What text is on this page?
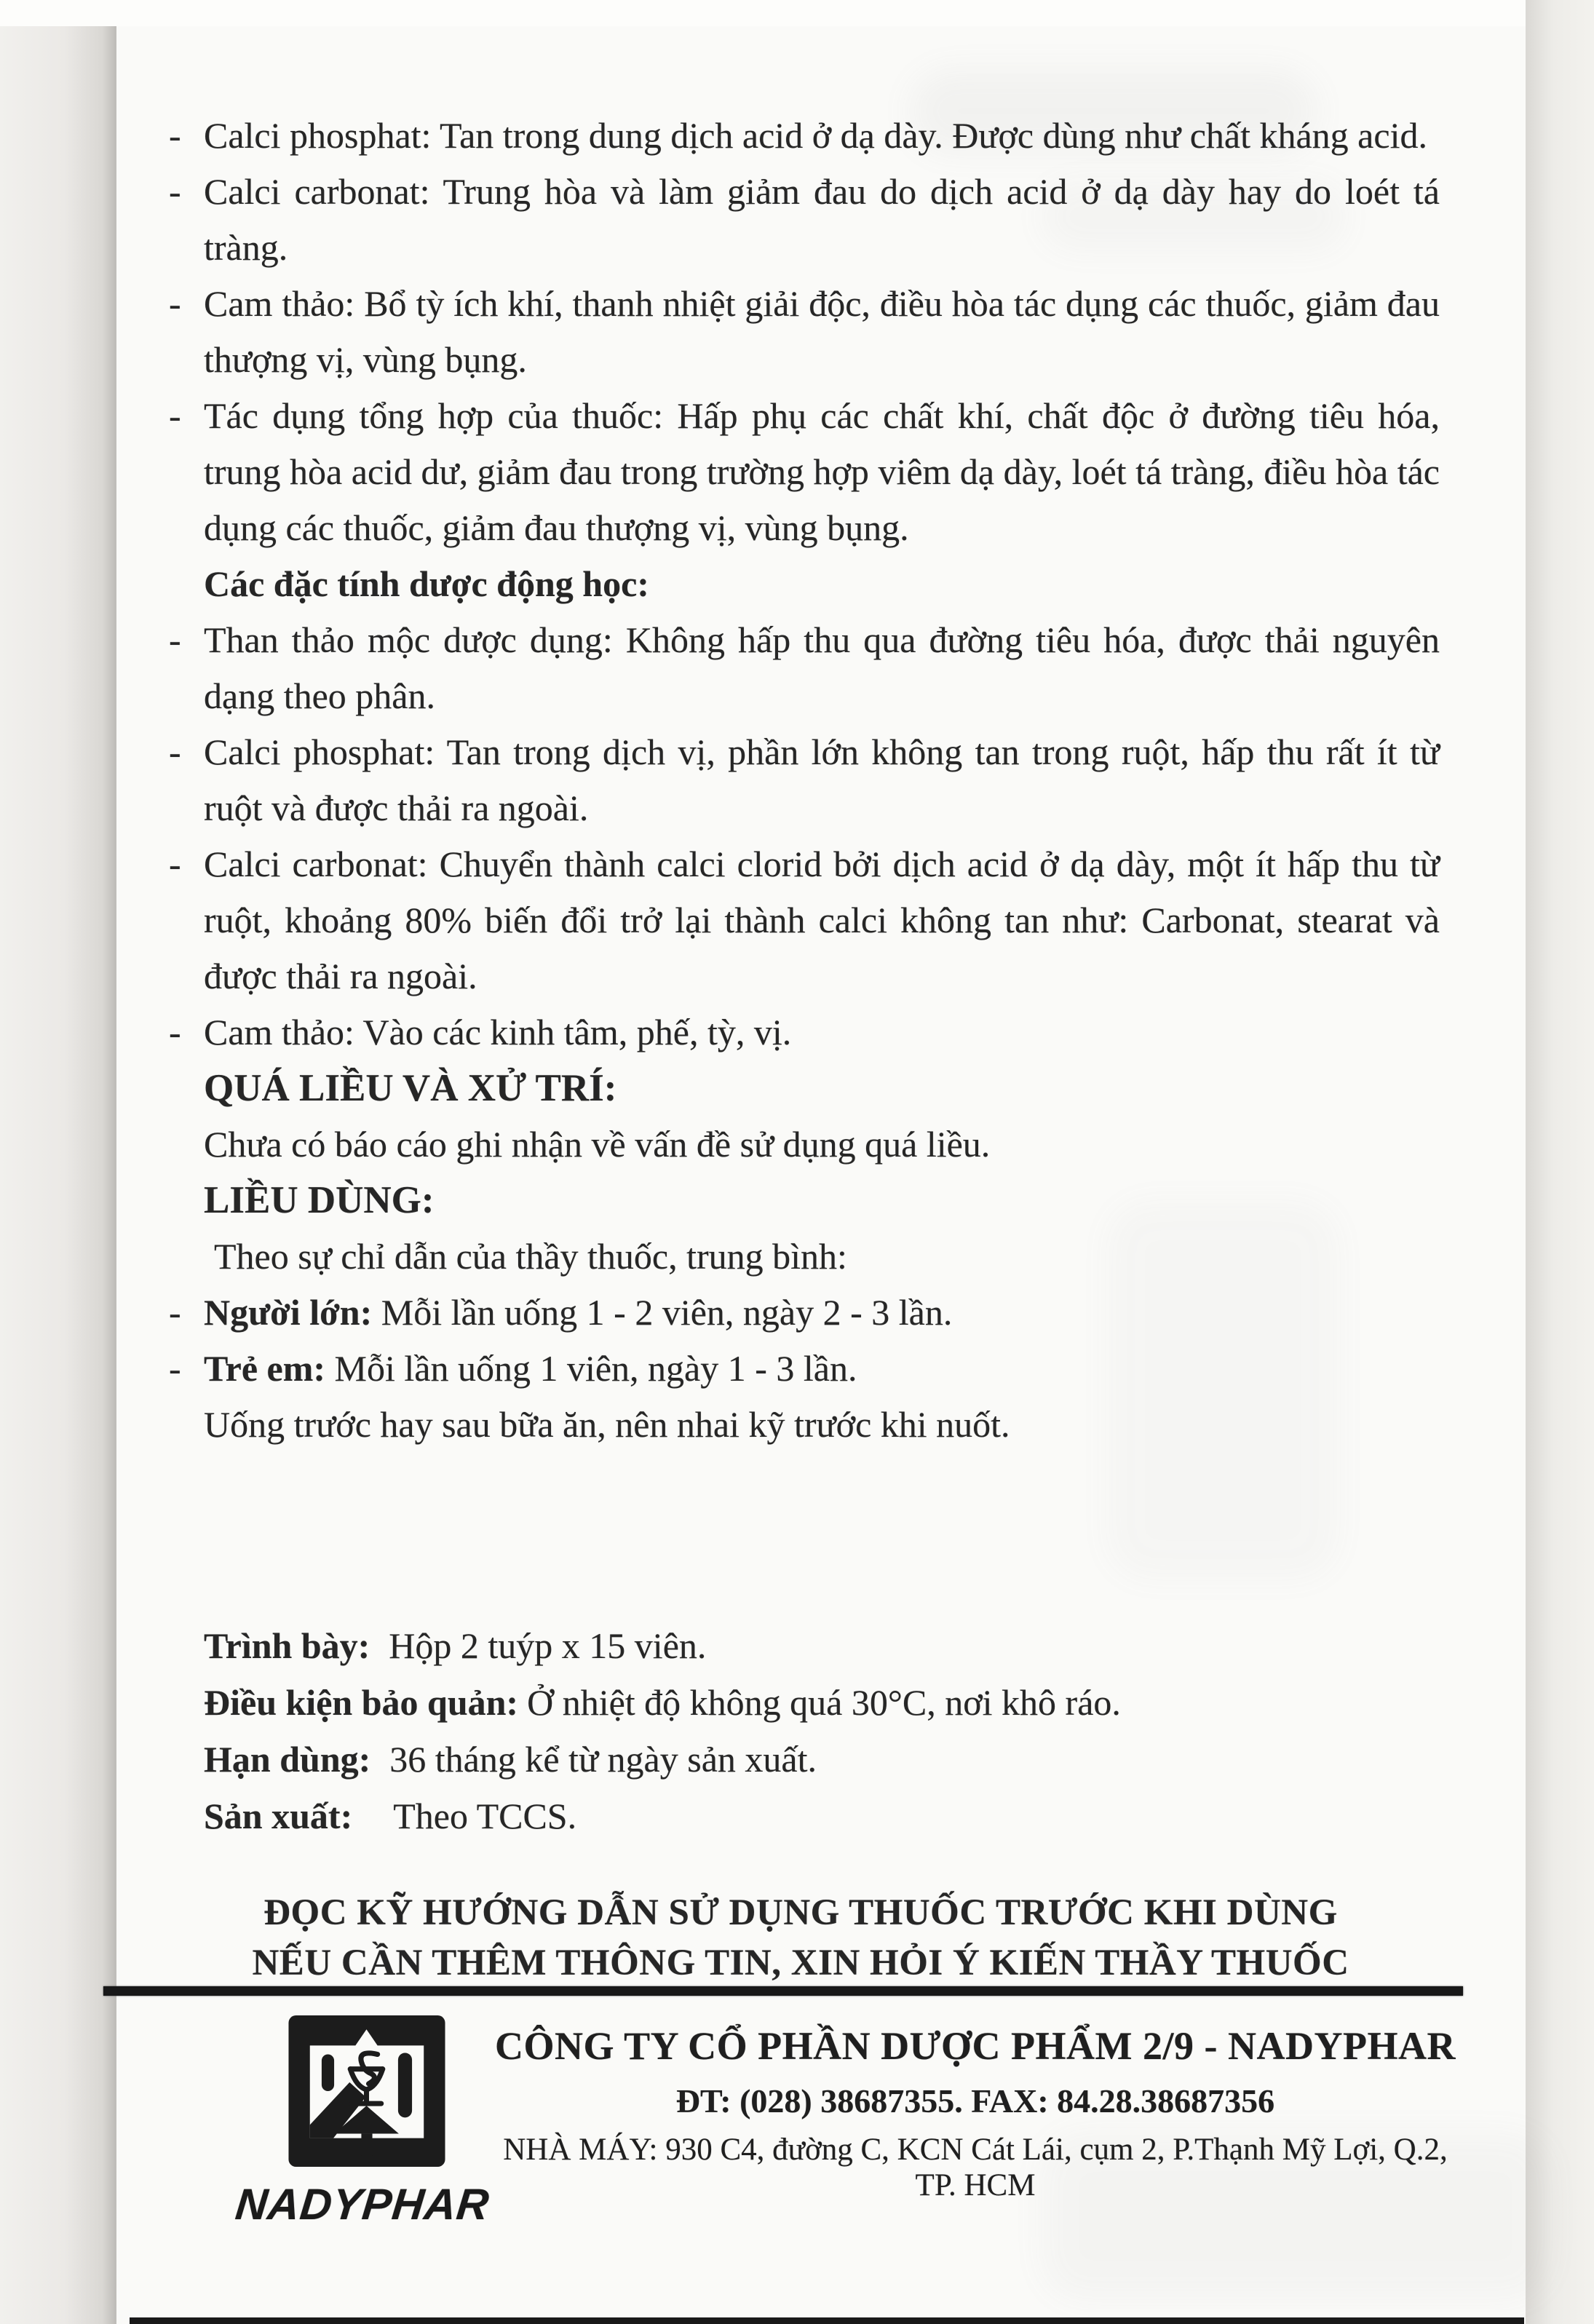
- Calci phosphat: Tan trong dung dịch acid ở dạ dày. Được dùng như chất kháng acid.
- Calci carbonat: Trung hòa và làm giảm đau do dịch acid ở dạ dày hay do loét tá tràng.
- Cam thảo: Bổ tỳ ích khí, thanh nhiệt giải độc, điều hòa tác dụng các thuốc, giảm đau thượng vị, vùng bụng.
- Tác dụng tổng hợp của thuốc: Hấp phụ các chất khí, chất độc ở đường tiêu hóa, trung hòa acid dư, giảm đau trong trường hợp viêm dạ dày, loét tá tràng, điều hòa tác dụng các thuốc, giảm đau thượng vị, vùng bụng.
Các đặc tính dược động học:
- Than thảo mộc dược dụng: Không hấp thu qua đường tiêu hóa, được thải nguyên dạng theo phân.
- Calci phosphat: Tan trong dịch vị, phần lớn không tan trong ruột, hấp thu rất ít từ ruột và được thải ra ngoài.
- Calci carbonat: Chuyển thành calci clorid bởi dịch acid ở dạ dày, một ít hấp thu từ ruột, khoảng 80% biến đổi trở lại thành calci không tan như: Carbonat, stearat và được thải ra ngoài.
- Cam thảo: Vào các kinh tâm, phế, tỳ, vị.
QUÁ LIỀU VÀ XỬ TRÍ:
Chưa có báo cáo ghi nhận về vấn đề sử dụng quá liều.
LIỀU DÙNG:
Theo sự chỉ dẫn của thầy thuốc, trung bình:
- Người lớn: Mỗi lần uống 1 - 2 viên, ngày 2 - 3 lần.
- Trẻ em: Mỗi lần uống 1 viên, ngày 1 - 3 lần.
Uống trước hay sau bữa ăn, nên nhai kỹ trước khi nuốt.
Trình bày: Hộp 2 tuýp x 15 viên.
Điều kiện bảo quản: Ở nhiệt độ không quá 30°C, nơi khô ráo.
Hạn dùng: 36 tháng kể từ ngày sản xuất.
Sản xuất: Theo TCCS.
ĐỌC KỸ HƯỚNG DẪN SỬ DỤNG THUỐC TRƯỚC KHI DÙNG
NẾU CẦN THÊM THÔNG TIN, XIN HỎI Ý KIẾN THẦY THUỐC
NADYPHAR
CÔNG TY CỔ PHẦN DƯỢC PHẨM 2/9 - NADYPHAR
ĐT: (028) 38687355. FAX: 84.28.38687356
NHÀ MÁY: 930 C4, đường C, KCN Cát Lái, cụm 2, P.Thạnh Mỹ Lợi, Q.2, TP. HCM
